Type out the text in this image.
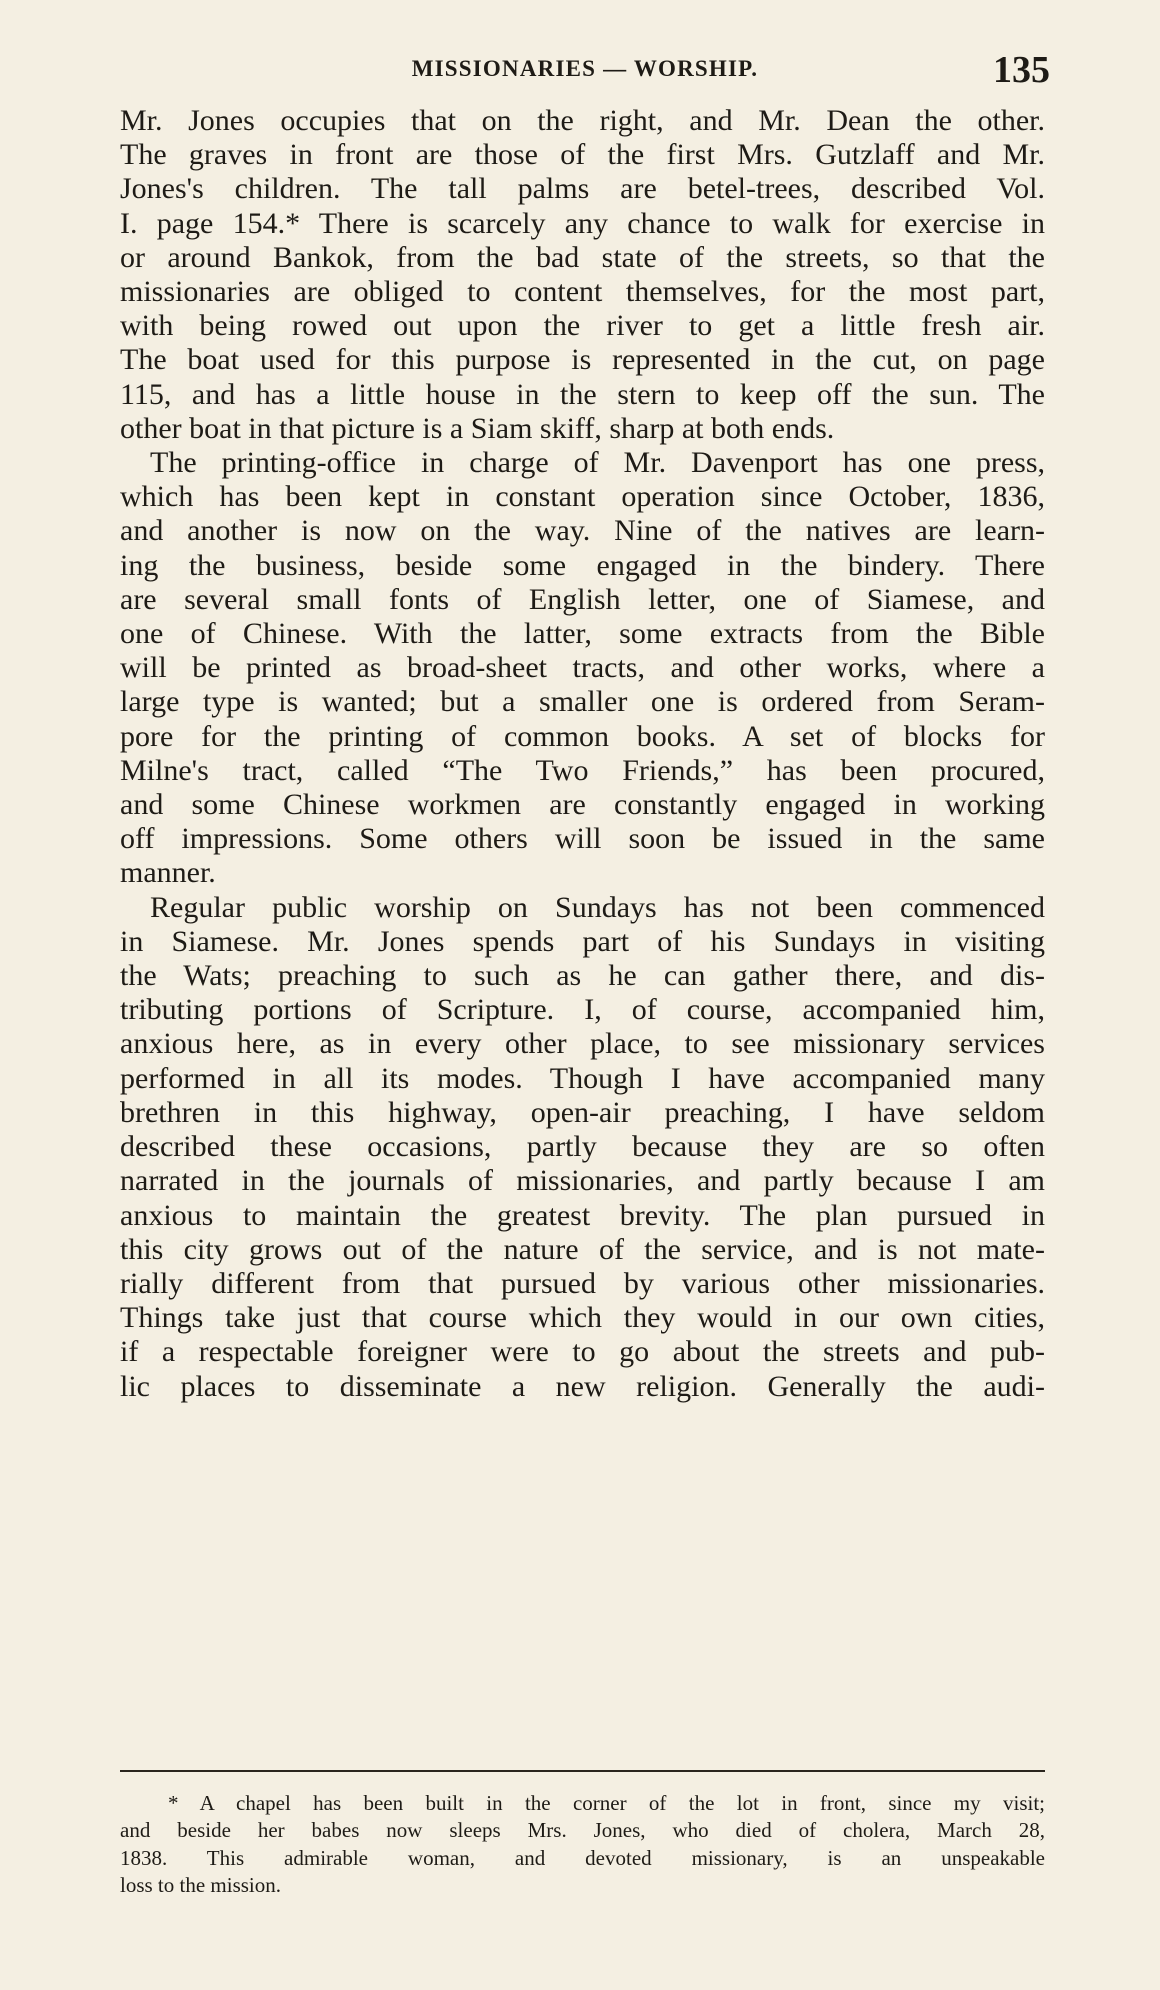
MISSIONARIES — WORSHIP.	135
Mr. Jones occupies that on the right, and Mr. Dean the other.
The graves in front are those of the first Mrs. Gutzlaff and Mr.
Jones's children. The tall palms are betel-trees, described Vol.
I. page 154.* There is scarcely any chance to walk for exercise in
or around Bankok, from the bad state of the streets, so that the
missionaries are obliged to content themselves, for the most part,
with being rowed out upon the river to get a little fresh air.
The boat used for this purpose is represented in the cut, on page
115, and has a little house in the stern to keep off the sun. The
other boat in that picture is a Siam skiff, sharp at both ends.
The printing-office in charge of Mr. Davenport has one press,
which has been kept in constant operation since October, 1836,
and another is now on the way. Nine of the natives are learn-
ing the business, beside some engaged in the bindery. There
are several small fonts of English letter, one of Siamese, and
one of Chinese. With the latter, some extracts from the Bible
will be printed as broad-sheet tracts, and other works, where a
large type is wanted; but a smaller one is ordered from Seram-
pore for the printing of common books. A set of blocks for
Milne's tract, called “The Two Friends,” has been procured,
and some Chinese workmen are constantly engaged in working
off impressions. Some others will soon be issued in the same
manner.
Regular public worship on Sundays has not been commenced
in Siamese. Mr. Jones spends part of his Sundays in visiting
the Wats; preaching to such as he can gather there, and dis-
tributing portions of Scripture. I, of course, accompanied him,
anxious here, as in every other place, to see missionary services
performed in all its modes. Though I have accompanied many
brethren in this highway, open-air preaching, I have seldom
described these occasions, partly because they are so often
narrated in the journals of missionaries, and partly because I am
anxious to maintain the greatest brevity. The plan pursued in
this city grows out of the nature of the service, and is not mate-
rially different from that pursued by various other missionaries.
Things take just that course which they would in our own cities,
if a respectable foreigner were to go about the streets and pub-
lic places to disseminate a new religion. Generally the audi-
* A chapel has been built in the corner of the lot in front, since my visit;
and beside her babes now sleeps Mrs. Jones, who died of cholera, March 28,
1838. This admirable woman, and devoted missionary, is an unspeakable
loss to the mission.
